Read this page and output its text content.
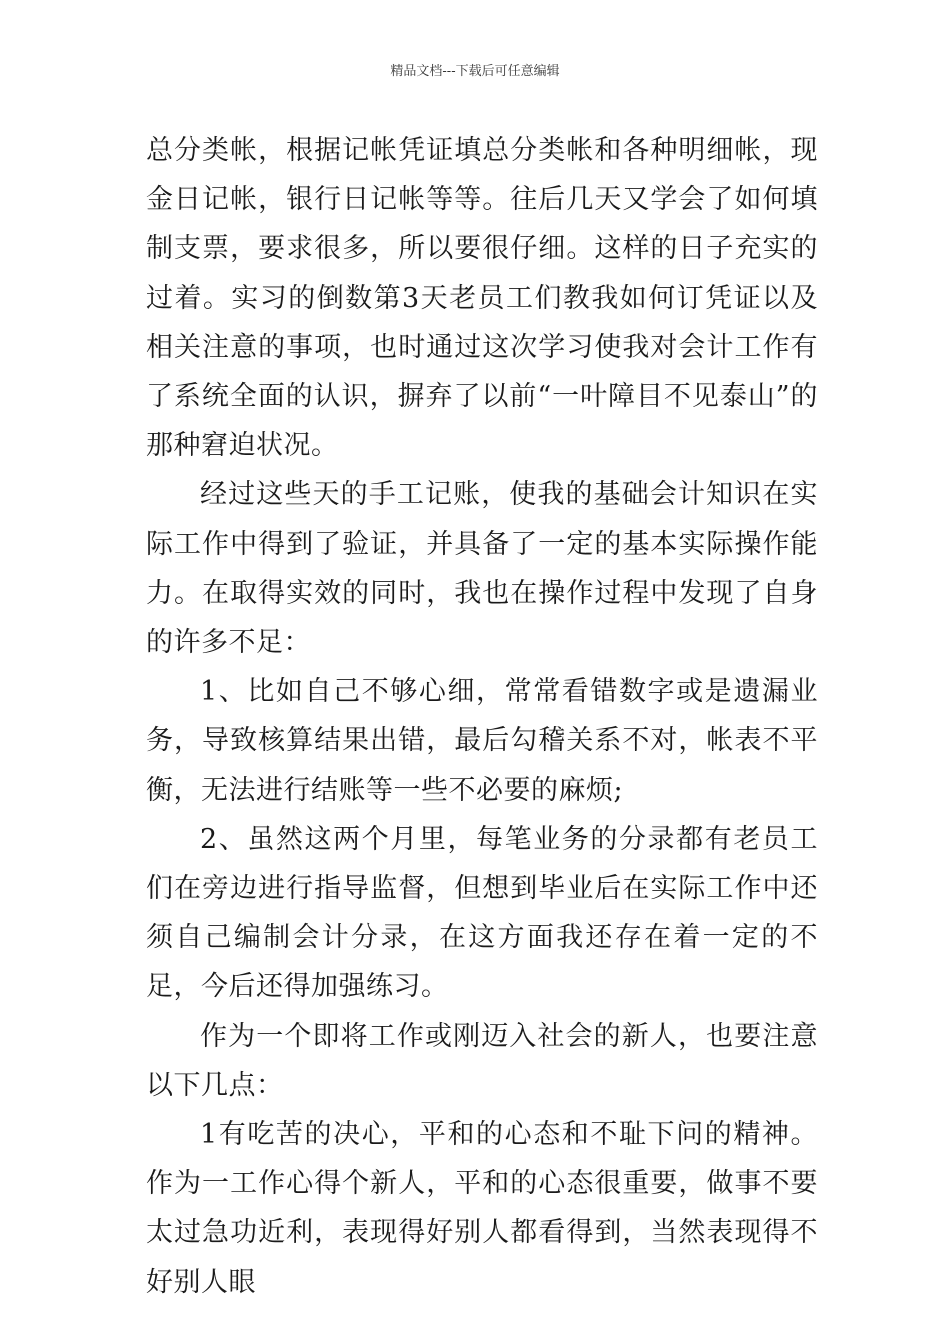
精品文档---下载后可任意编辑

总分类帐，根据记帐凭证填总分类帐和各种明细帐，现金日记帐，银行日记帐等等。往后几天又学会了如何填制支票，要求很多，所以要很仔细。这样的日子充实的过着。实习的倒数第3天老员工们教我如何订凭证以及相关注意的事项，也时通过这次学习使我对会计工作有了系统全面的认识，摒弃了以前“一叶障目不见泰山”的那种窘迫状况。

经过这些天的手工记账，使我的基础会计知识在实际工作中得到了验证，并具备了一定的基本实际操作能力。在取得实效的同时，我也在操作过程中发现了自身的许多不足：

1、比如自己不够心细，常常看错数字或是遗漏业务，导致核算结果出错，最后勾稽关系不对，帐表不平衡，无法进行结账等一些不必要的麻烦;

2、虽然这两个月里，每笔业务的分录都有老员工们在旁边进行指导监督，但想到毕业后在实际工作中还须自己编制会计分录，在这方面我还存在着一定的不足，今后还得加强练习。

作为一个即将工作或刚迈入社会的新人，也要注意以下几点：

1有吃苦的决心，平和的心态和不耻下问的精神。作为一工作心得个新人，平和的心态很重要，做事不要太过急功近利，表现得好别人都看得到，当然表现得不好别人眼
